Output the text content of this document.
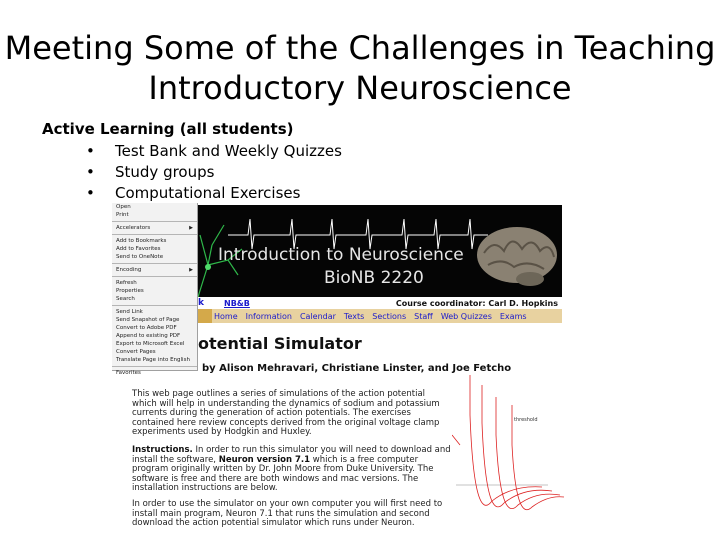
Meeting Some of the Challenges in Teaching
Introductory Neuroscience
Active Learning (all students)
•	Test Bank and Weekly Quizzes
•	Study groups
•	Computational Exercises
Open
Print
Accelerators	▶
Add to Bookmarks
Add to Favorites
Send to OneNote
Encoding	▶
Refresh
Properties
Search
Send Link
Send Snapshot of Page
Convert to Adobe PDF
Append to existing PDF
Export to Microsoft Excel
Convert Pages
Translate Page into English
Favorites
Introduction to Neuroscience
BioNB 2220
k	NB&B	Course coordinator: Carl D. Hopkins
Home Information Calendar Texts Sections Staff Web Quizzes Exams
otential Simulator
by Alison Mehravari, Christiane Linster, and Joe Fetcho
This web page outlines a series of simulations of the action potential which will help in understanding the dynamics of sodium and potassium currents during the generation of action potentials. The exercises contained here review concepts derived from the original voltage clamp experiments used by Hodgkin and Huxley.
Instructions. In order to run this simulator you will need to download and install the software, Neuron version 7.1 which is a free computer program originally written by Dr. John Moore from Duke University. The software is free and there are both windows and mac versions. The installation instructions are below.
In order to use the simulator on your own computer you will first need to install main program, Neuron 7.1 that runs the simulation and second download the action potential simulator which runs under Neuron.
threshold
